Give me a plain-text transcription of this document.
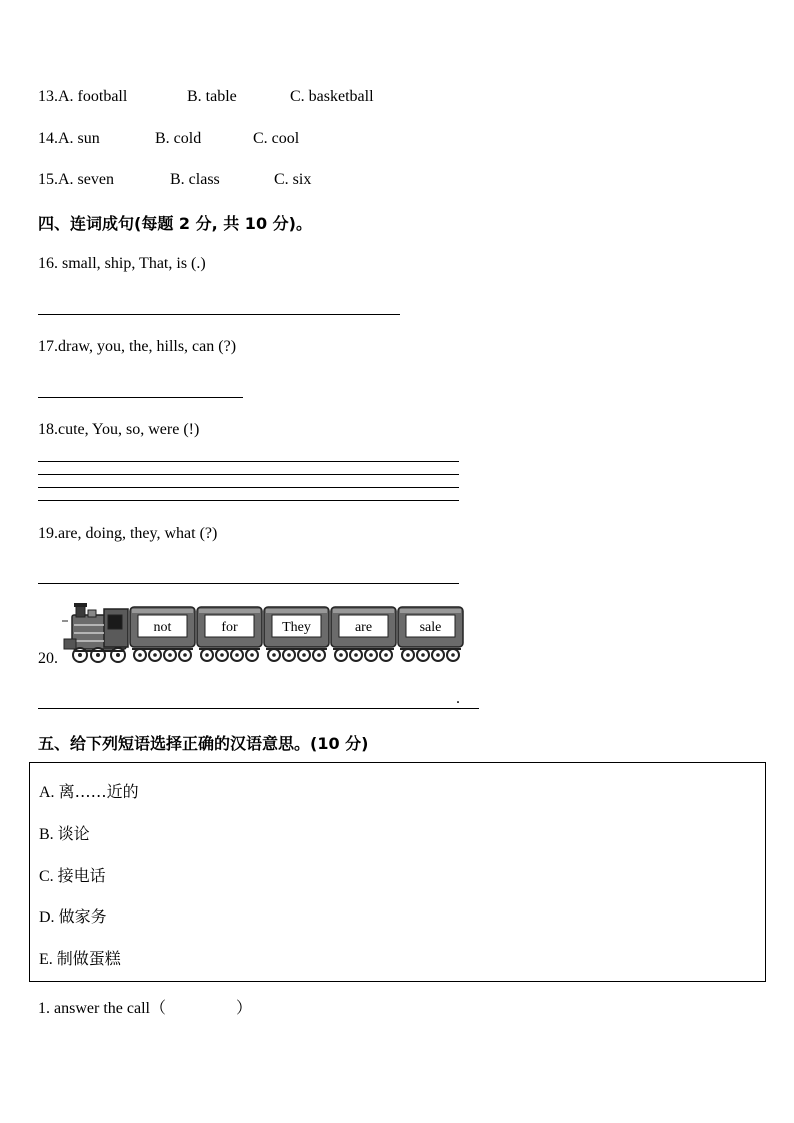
13.A. football	B. table	C. basketball
14.A. sun	B. cold	C. cool
15.A. seven	B. class	C. six
四、连词成句(每题 2 分, 共 10 分)。
16. small, ship, That, is (.)
17.draw, you, the, hills, can (?)
18.cute, You, so, were (!)
19.are, doing, they, what (?)
20.
not	for	They	are	sale
.
五、给下列短语选择正确的汉语意思。(10 分)
A. 离……近的
B. 谈论
C. 接电话
D. 做家务
E. 制做蛋糕
1. answer the call（	）
